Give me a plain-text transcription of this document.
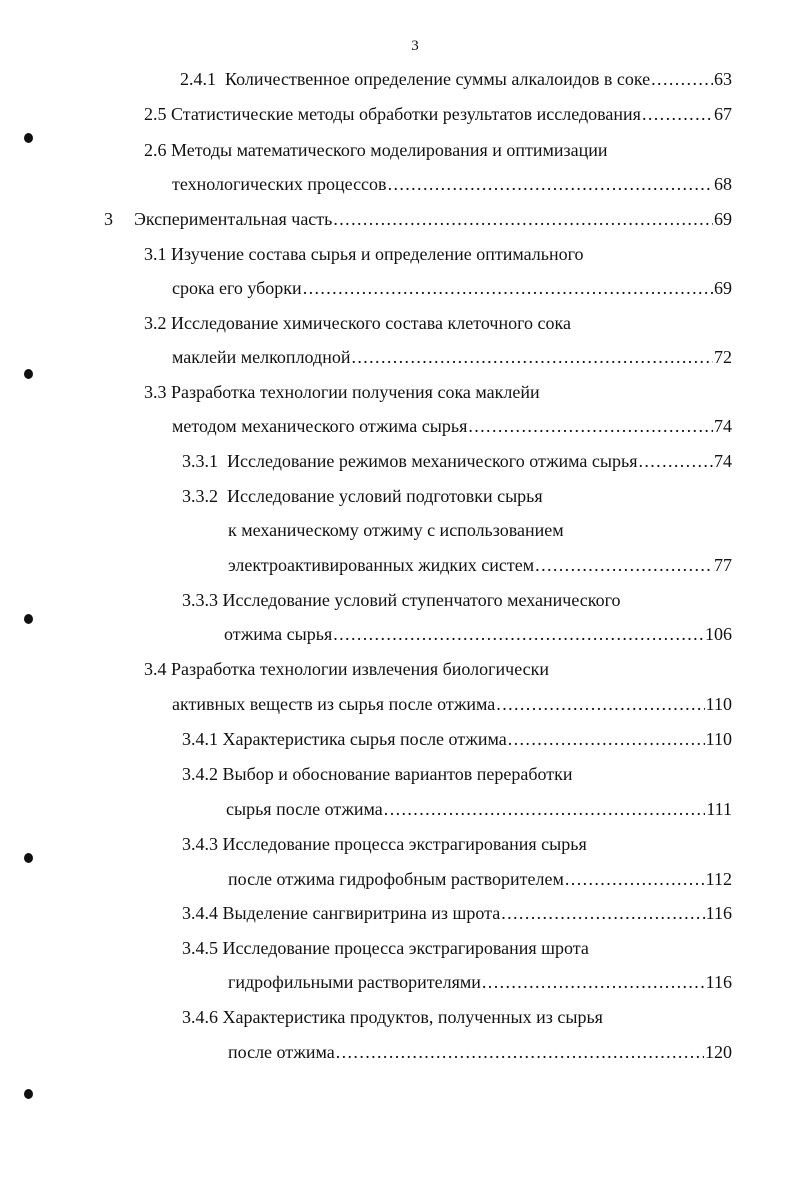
3
2.4.1 Количественное определение суммы алкалоидов в соке .....	63
2.5 Статистические методы обработки результатов исследования .....	67
2.6 Методы математического моделирования и оптимизации
технологических процессов .....	68
3 Экспериментальная часть .....	69
3.1 Изучение состава сырья и определение оптимального
срока его уборки .....	69
3.2 Исследование химического состава клеточного сока
маклейи мелкоплодной .....	72
3.3 Разработка технологии получения сока маклейи
методом механического отжима сырья .....	74
3.3.1 Исследование режимов механического отжима сырья .....	74
3.3.2 Исследование условий подготовки сырья
к механическому отжиму с использованием
электроактивированных жидких систем .....	77
3.3.3 Исследование условий ступенчатого механического
отжима сырья .....	106
3.4 Разработка технологии извлечения биологически
активных веществ из сырья после отжима .....	110
3.4.1 Характеристика сырья после отжима .....	110
3.4.2 Выбор и обоснование вариантов переработки
сырья после отжима .....	111
3.4.3 Исследование процесса экстрагирования сырья
после отжима гидрофобным растворителем .....	112
3.4.4 Выделение сангвиритрина из шрота .....	116
3.4.5 Исследование процесса экстрагирования шрота
гидрофильными растворителями .....	116
3.4.6 Характеристика продуктов, полученных из сырья
после отжима .....	120
